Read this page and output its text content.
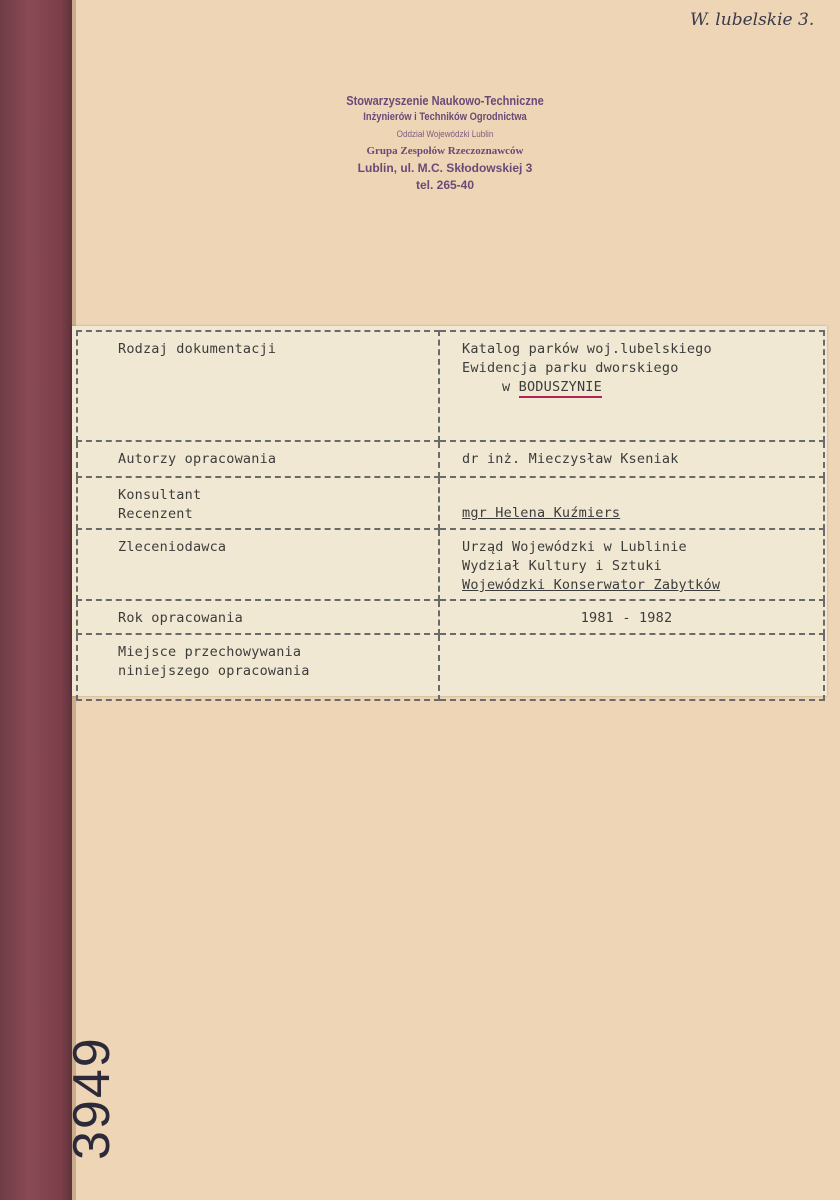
W. lubelskie 3.
Stowarzyszenie Naukowo-Techniczne
Inżynierów i Techników Ogrodnictwa
Oddział Wojewódzki Lublin
Grupa Zespołów Rzeczoznawców
Lublin, ul. M.C. Skłodowskiej 3
tel. 265-40
Rodzaj dokumentacji	Katalog parków woj.lubelskiego
Ewidencja parku dworskiego
w BODUSZYNIE

Autorzy opracowania	dr inż. Mieczysław Kseniak

Konsultant
Recenzent	mgr Helena Kuźmiers

Zleceniodawca	Urząd Wojewódzki w Lublinie
Wydział Kultury i Sztuki
Wojewódzki Konserwator Zabytków

Rok opracowania	1981 - 1982

Miejsce przechowywania
niniejszego opracowania	

3949
